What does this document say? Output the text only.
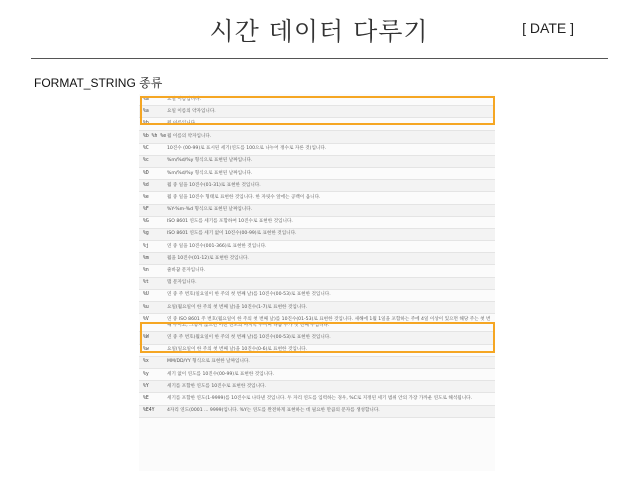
시간 데이터 다루기	[ DATE ]
FORMAT_STRING 종류
%a	요일 이름입니다.
%a	요일 이름의 약자입니다.
%b	월 이름입니다.
%b %h %e 월 이름의 약자입니다.
%C	10진수 (00-99)로 표시된 세기(연도를 100으로 나누어 정수로 자른 것)입니다.
%c	%m/%d/%y 형식으로 표현된 날짜입니다.
%D	%m/%d/%y 형식으로 표현된 날짜입니다.
%d	월 중 일을 10진수(01-31)로 표현한 것입니다.
%e	월 중 일을 10진수 형태로 표현한 것입니다. 한 자릿수 앞에는 공백이 옵니다.
%F	%Y-%m-%d 형식으로 표현된 날짜입니다.
%G	ISO 8601 연도를 세기를 포함하여 10진수로 표현한 것입니다.
%g	ISO 8601 연도를 세기 없이 10진수(00-99)로 표현한 것입니다.
%j	연 중 일을 10진수(001-366)로 표현한 것입니다.
%m	월을 10진수(01-12)로 표현한 것입니다.
%n	줄바꿈 문자입니다.
%t	탭 문자입니다.
%U	연 중 주 번호(일요일이 한 주의 첫 번째 날)를 10진수(00-53)로 표현한 것입니다.
%u	요일(월요일이 한 주의 첫 번째 날)을 10진수(1-7)로 표현한 것입니다.
%V	연 중 ISO 8601 주 번호(월요일이 한 주의 첫 번째 날)를 10진수(01-53)로 표현한 것입니다. 새해에 1월 1일을 포함하는 주에 4일 이상이 있으면 해당 주는 첫 번째 주이고, 그렇지 않으면 이전 연도의 마지막 주이며 다음 주가 첫 번째 주입니다.
%W	연 중 주 번호(월요일이 한 주의 첫 번째 날)를 10진수(00-53)로 표현한 것입니다.
%w	요일(일요일이 한 주의 첫 번째 날)을 10진수(0-6)로 표현한 것입니다.
%x	MM/DD/YY 형식으로 표현한 날짜입니다.
%y	세기 없이 연도를 10진수(00-99)로 표현한 것입니다.
%Y	세기를 포함한 연도를 10진수로 표현한 것입니다.
%E	세기를 포함한 연도(1-9999)를 10진수로 나타낸 것입니다. 두 자리 연도를 입력하는 경우, %C로 지정된 세기 범위 안의 가장 가까운 연도로 해석됩니다.
%E4Y	4자리 연도(0001 ... 9999)입니다. %Y는 연도를 완전하게 표현하는 데 필요한 만큼의 문자를 생성합니다.
